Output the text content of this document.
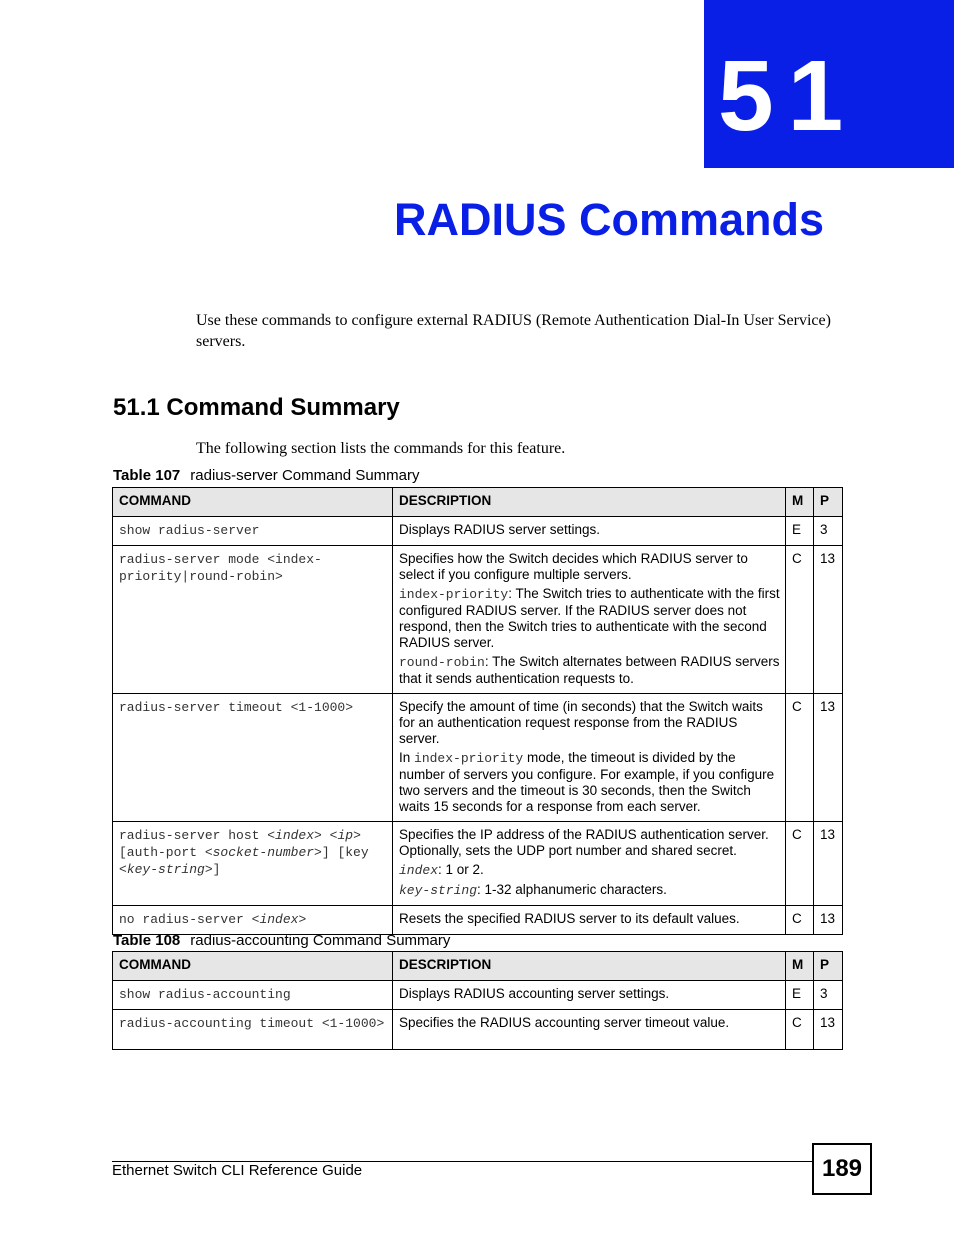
51
RADIUS Commands
Use these commands to configure external RADIUS (Remote Authentication Dial-In User Service) servers.
51.1 Command Summary
The following section lists the commands for this feature.
Table 107 radius-server Command Summary
COMMAND	DESCRIPTION	M	P
show radius-server	Displays RADIUS server settings.	E	3
radius-server mode <index-priority|round-robin>	Specifies how the Switch decides which RADIUS server to select if you configure multiple servers.

index-priority: The Switch tries to authenticate with the first configured RADIUS server. If the RADIUS server does not respond, then the Switch tries to authenticate with the second RADIUS server.

round-robin: The Switch alternates between RADIUS servers that it sends authentication requests to.	C	13
radius-server timeout <1-1000>	Specify the amount of time (in seconds) that the Switch waits for an authentication request response from the RADIUS server.

In index-priority mode, the timeout is divided by the number of servers you configure. For example, if you configure two servers and the timeout is 30 seconds, then the Switch waits 15 seconds for a response from each server.	C	13
radius-server host <index> <ip> [auth-port <socket-number>] [key <key-string>]	Specifies the IP address of the RADIUS authentication server. Optionally, sets the UDP port number and shared secret.

index: 1 or 2.

key-string: 1-32 alphanumeric characters.	C	13
no radius-server <index>	Resets the specified RADIUS server to its default values.	C	13
Table 108 radius-accounting Command Summary
COMMAND	DESCRIPTION	M	P
show radius-accounting	Displays RADIUS accounting server settings.	E	3
radius-accounting timeout <1-1000>	Specifies the RADIUS accounting server timeout value.	C	13
Ethernet Switch CLI Reference Guide	189
